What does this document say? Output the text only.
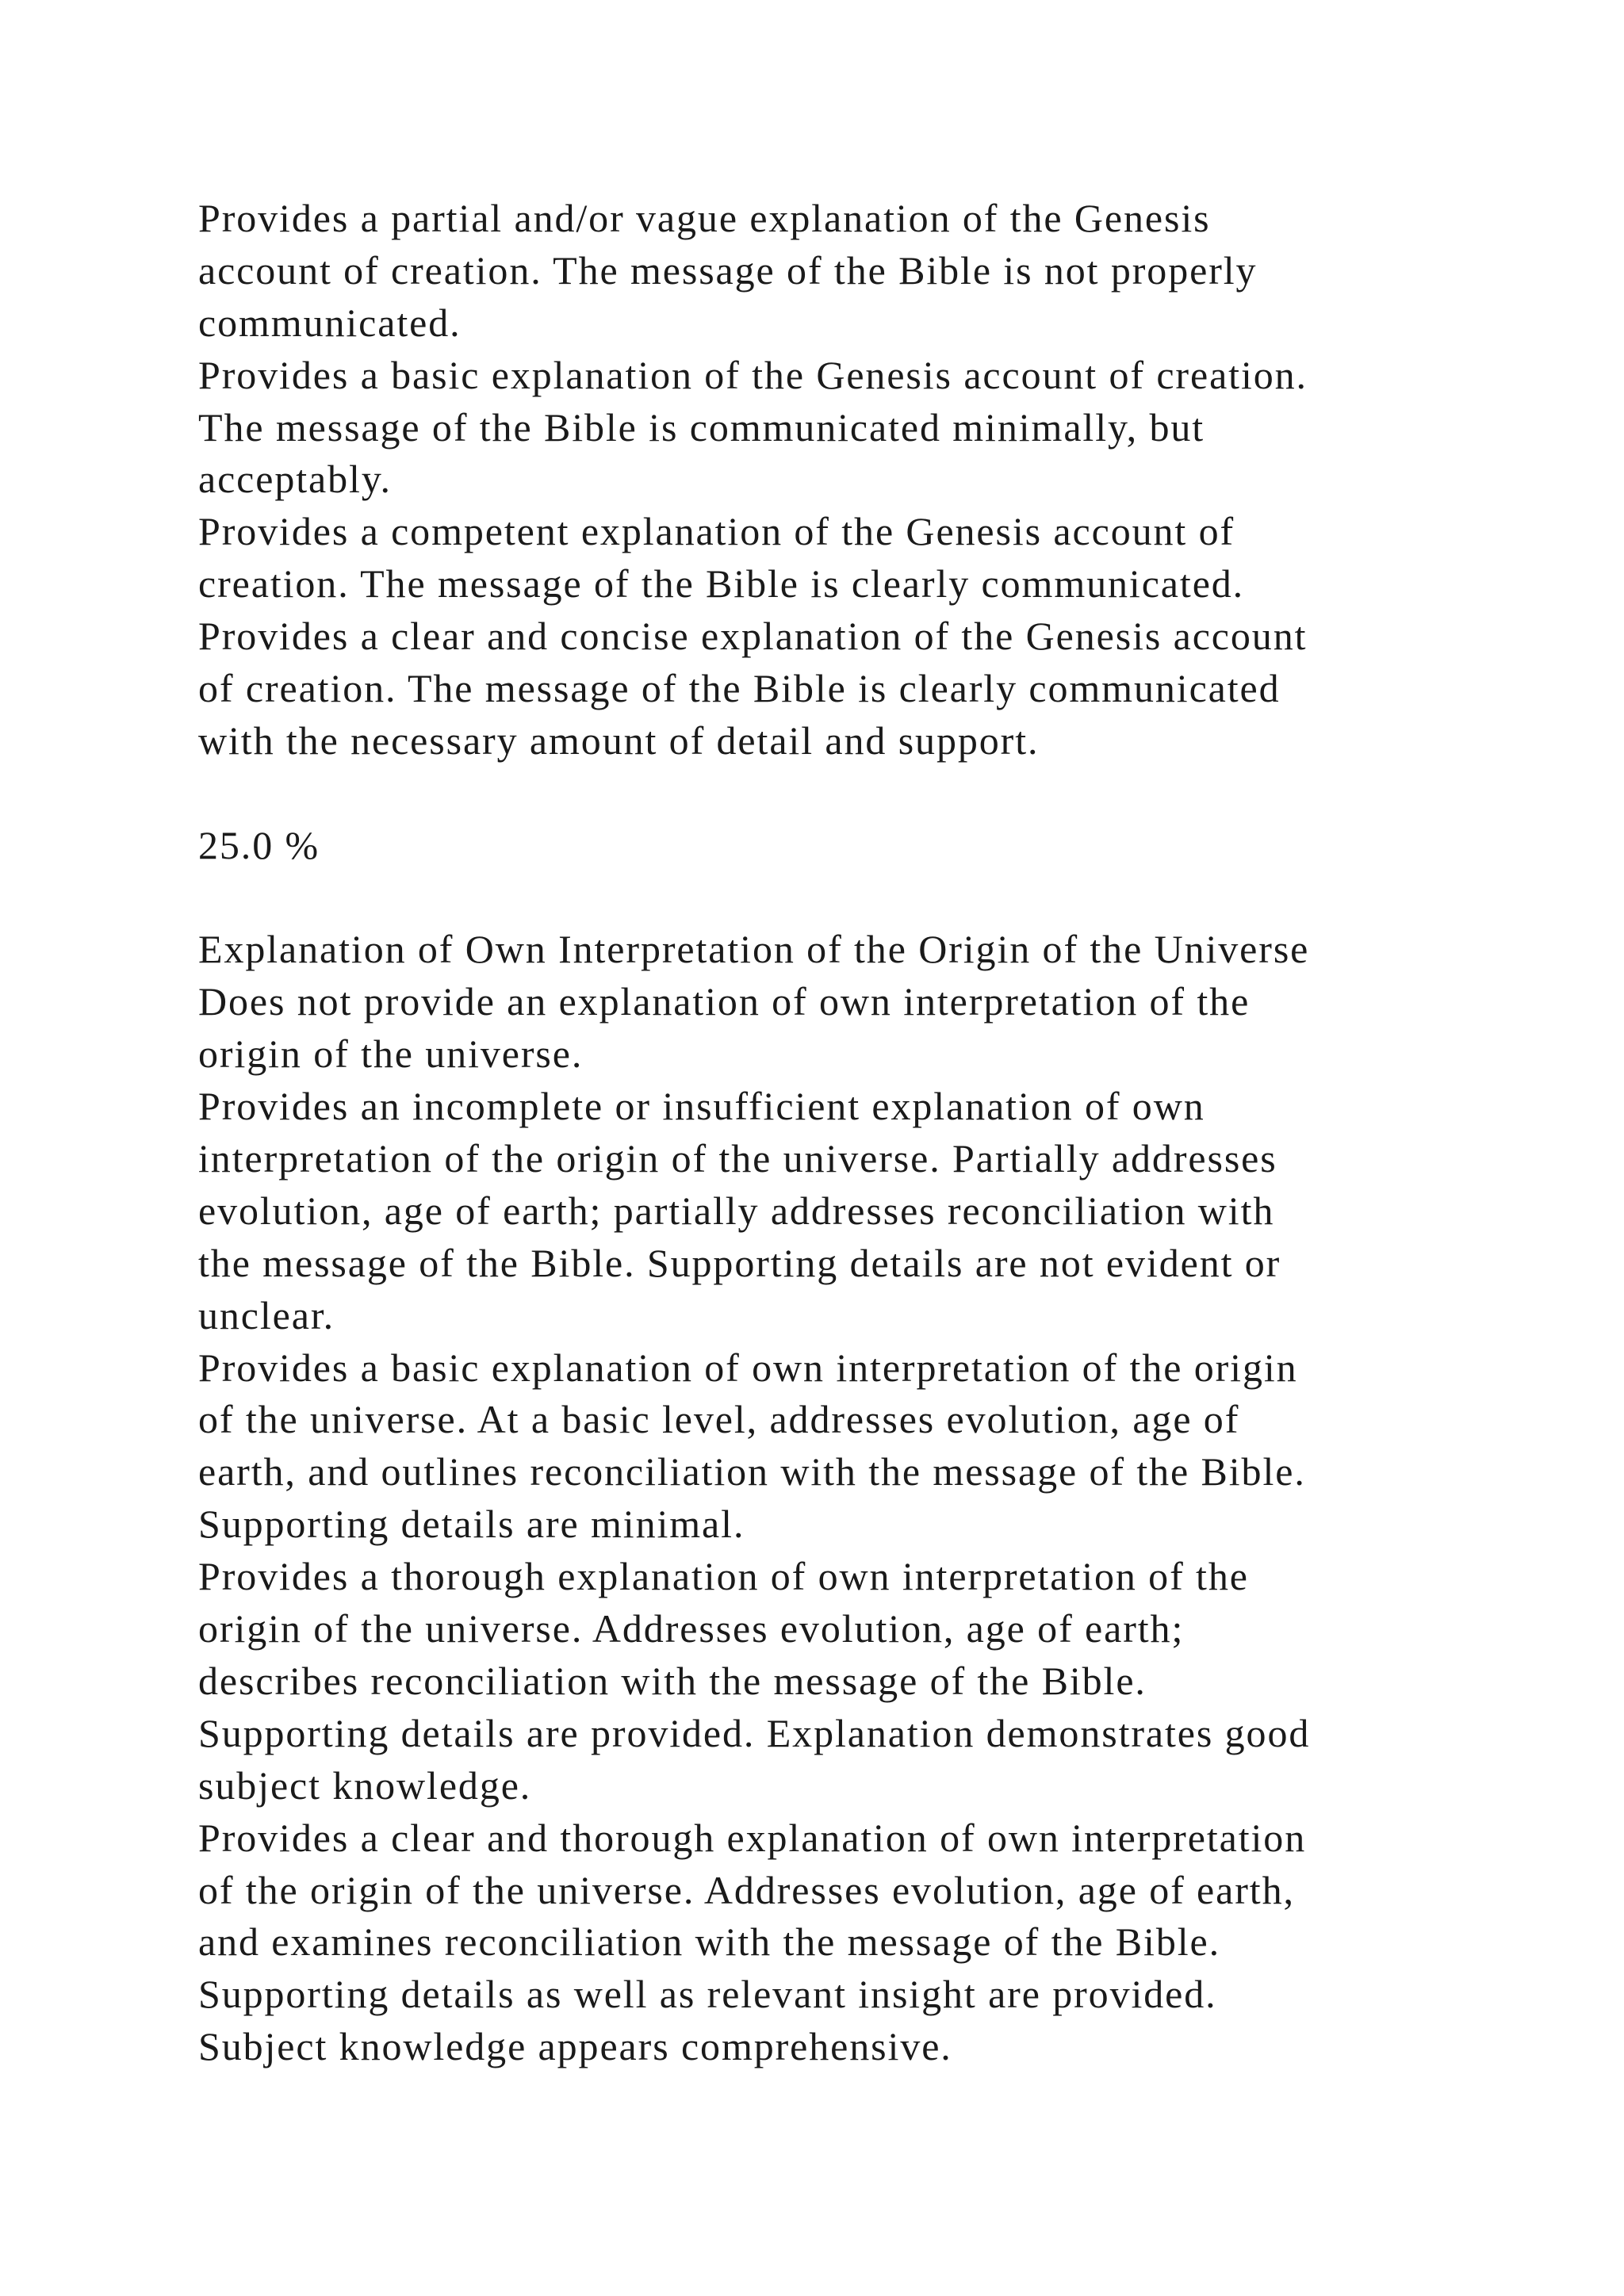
Provides a partial and/or vague explanation of the Genesis
account of creation. The message of the Bible is not properly
communicated.
Provides a basic explanation of the Genesis account of creation.
The message of the Bible is communicated minimally, but
acceptably.
Provides a competent explanation of the Genesis account of
creation. The message of the Bible is clearly communicated.
Provides a clear and concise explanation of the Genesis account
of creation. The message of the Bible is clearly communicated
with the necessary amount of detail and support.
25.0 %
Explanation of Own Interpretation of the Origin of the Universe
Does not provide an explanation of own interpretation of the
origin of the universe.
Provides an incomplete or insufficient explanation of own
interpretation of the origin of the universe. Partially addresses
evolution, age of earth; partially addresses reconciliation with
the message of the Bible. Supporting details are not evident or
unclear.
Provides a basic explanation of own interpretation of the origin
of the universe. At a basic level, addresses evolution, age of
earth, and outlines reconciliation with the message of the Bible.
Supporting details are minimal.
Provides a thorough explanation of own interpretation of the
origin of the universe. Addresses evolution, age of earth;
describes reconciliation with the message of the Bible.
Supporting details are provided. Explanation demonstrates good
subject knowledge.
Provides a clear and thorough explanation of own interpretation
of the origin of the universe. Addresses evolution, age of earth,
and examines reconciliation with the message of the Bible.
Supporting details as well as relevant insight are provided.
Subject knowledge appears comprehensive.
